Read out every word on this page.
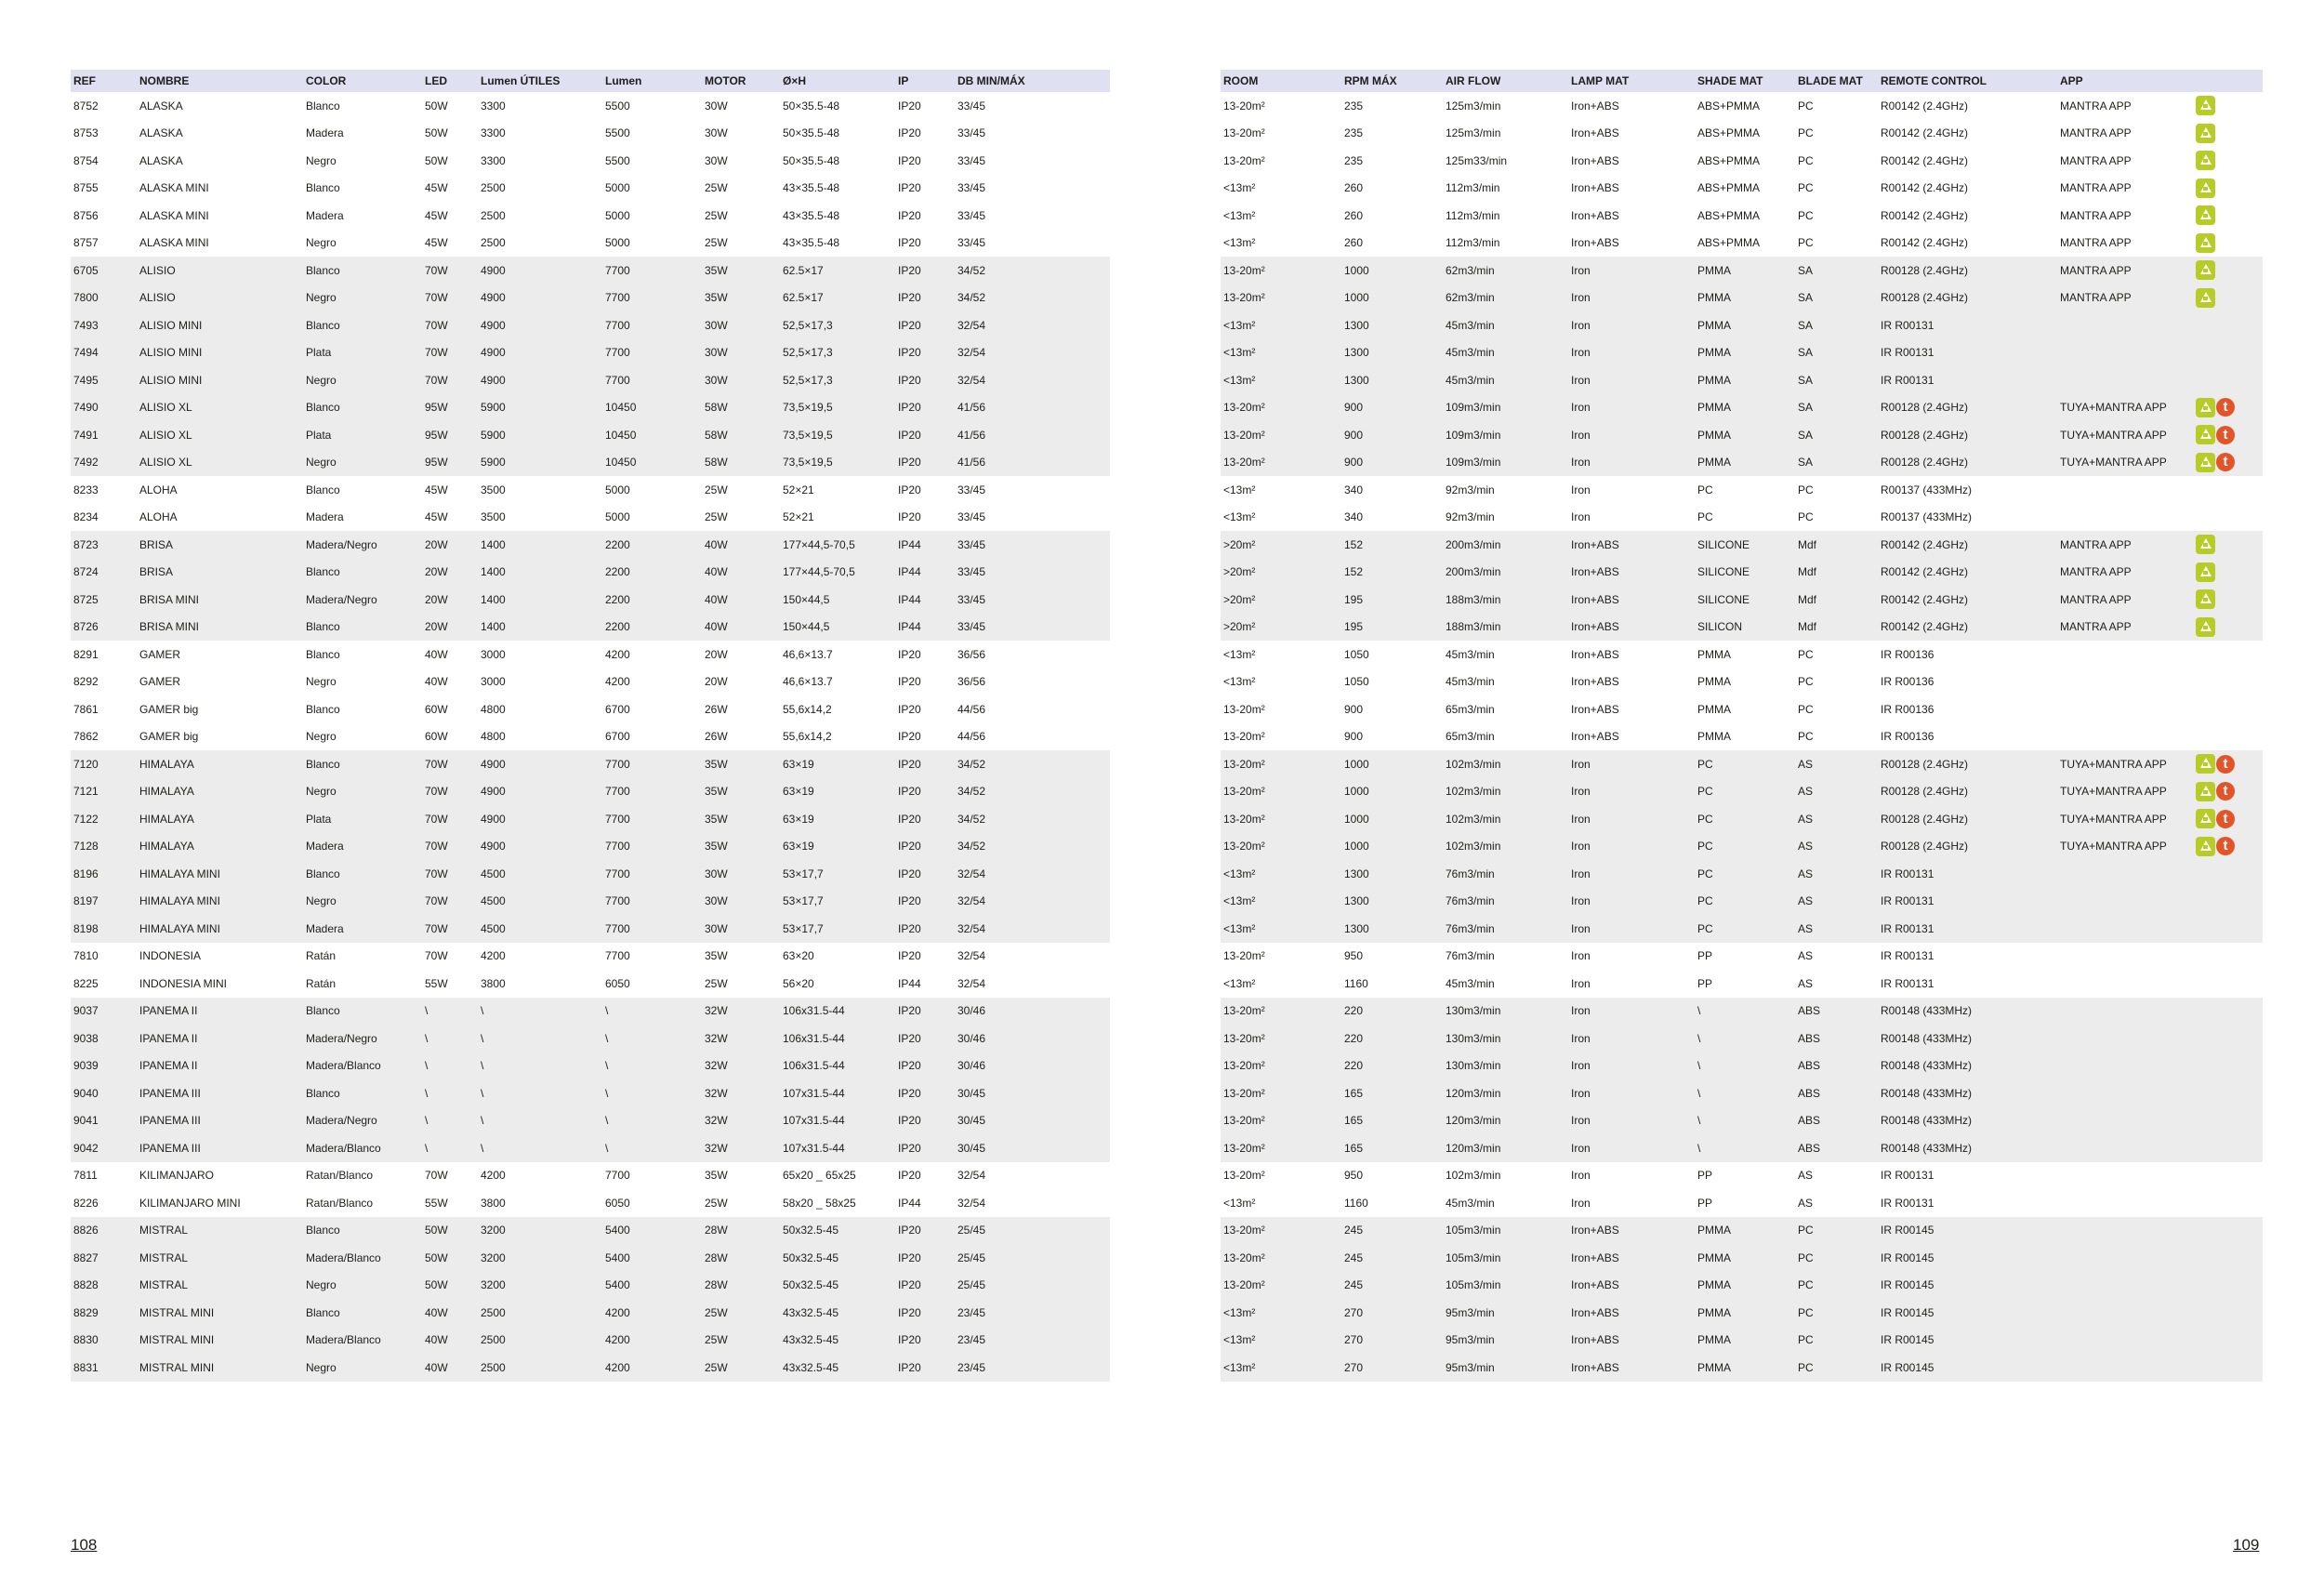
REF	NOMBRE	COLOR	LED	Lumen ÚTILES	Lumen	MOTOR	Ø×H	IP	DB MIN/MÁX
8752	ALASKA	Blanco	50W	3300	5500	30W	50×35.5-48	IP20	33/45
8753	ALASKA	Madera	50W	3300	5500	30W	50×35.5-48	IP20	33/45
8754	ALASKA	Negro	50W	3300	5500	30W	50×35.5-48	IP20	33/45
8755	ALASKA MINI	Blanco	45W	2500	5000	25W	43×35.5-48	IP20	33/45
8756	ALASKA MINI	Madera	45W	2500	5000	25W	43×35.5-48	IP20	33/45
8757	ALASKA MINI	Negro	45W	2500	5000	25W	43×35.5-48	IP20	33/45
6705	ALISIO	Blanco	70W	4900	7700	35W	62.5×17	IP20	34/52
7800	ALISIO	Negro	70W	4900	7700	35W	62.5×17	IP20	34/52
7493	ALISIO MINI	Blanco	70W	4900	7700	30W	52,5×17,3	IP20	32/54
7494	ALISIO MINI	Plata	70W	4900	7700	30W	52,5×17,3	IP20	32/54
7495	ALISIO MINI	Negro	70W	4900	7700	30W	52,5×17,3	IP20	32/54
7490	ALISIO XL	Blanco	95W	5900	10450	58W	73,5×19,5	IP20	41/56
7491	ALISIO XL	Plata	95W	5900	10450	58W	73,5×19,5	IP20	41/56
7492	ALISIO XL	Negro	95W	5900	10450	58W	73,5×19,5	IP20	41/56
8233	ALOHA	Blanco	45W	3500	5000	25W	52×21	IP20	33/45
8234	ALOHA	Madera	45W	3500	5000	25W	52×21	IP20	33/45
8723	BRISA	Madera/Negro	20W	1400	2200	40W	177×44,5-70,5	IP44	33/45
8724	BRISA	Blanco	20W	1400	2200	40W	177×44,5-70,5	IP44	33/45
8725	BRISA MINI	Madera/Negro	20W	1400	2200	40W	150×44,5	IP44	33/45
8726	BRISA MINI	Blanco	20W	1400	2200	40W	150×44,5	IP44	33/45
8291	GAMER	Blanco	40W	3000	4200	20W	46,6×13.7	IP20	36/56
8292	GAMER	Negro	40W	3000	4200	20W	46,6×13.7	IP20	36/56
7861	GAMER big	Blanco	60W	4800	6700	26W	55,6x14,2	IP20	44/56
7862	GAMER big	Negro	60W	4800	6700	26W	55,6x14,2	IP20	44/56
7120	HIMALAYA	Blanco	70W	4900	7700	35W	63×19	IP20	34/52
7121	HIMALAYA	Negro	70W	4900	7700	35W	63×19	IP20	34/52
7122	HIMALAYA	Plata	70W	4900	7700	35W	63×19	IP20	34/52
7128	HIMALAYA	Madera	70W	4900	7700	35W	63×19	IP20	34/52
8196	HIMALAYA MINI	Blanco	70W	4500	7700	30W	53×17,7	IP20	32/54
8197	HIMALAYA MINI	Negro	70W	4500	7700	30W	53×17,7	IP20	32/54
8198	HIMALAYA MINI	Madera	70W	4500	7700	30W	53×17,7	IP20	32/54
7810	INDONESIA	Ratán	70W	4200	7700	35W	63×20	IP20	32/54
8225	INDONESIA MINI	Ratán	55W	3800	6050	25W	56×20	IP44	32/54
9037	IPANEMA II	Blanco	\	\	\	32W	106x31.5-44	IP20	30/46
9038	IPANEMA II	Madera/Negro	\	\	\	32W	106x31.5-44	IP20	30/46
9039	IPANEMA II	Madera/Blanco	\	\	\	32W	106x31.5-44	IP20	30/46
9040	IPANEMA III	Blanco	\	\	\	32W	107x31.5-44	IP20	30/45
9041	IPANEMA III	Madera/Negro	\	\	\	32W	107x31.5-44	IP20	30/45
9042	IPANEMA III	Madera/Blanco	\	\	\	32W	107x31.5-44	IP20	30/45
7811	KILIMANJARO	Ratan/Blanco	70W	4200	7700	35W	65x20 _ 65x25	IP20	32/54
8226	KILIMANJARO MINI	Ratan/Blanco	55W	3800	6050	25W	58x20 _ 58x25	IP44	32/54
8826	MISTRAL	Blanco	50W	3200	5400	28W	50x32.5-45	IP20	25/45
8827	MISTRAL	Madera/Blanco	50W	3200	5400	28W	50x32.5-45	IP20	25/45
8828	MISTRAL	Negro	50W	3200	5400	28W	50x32.5-45	IP20	25/45
8829	MISTRAL MINI	Blanco	40W	2500	4200	25W	43x32.5-45	IP20	23/45
8830	MISTRAL MINI	Madera/Blanco	40W	2500	4200	25W	43x32.5-45	IP20	23/45
8831	MISTRAL MINI	Negro	40W	2500	4200	25W	43x32.5-45	IP20	23/45
ROOM	RPM MÁX	AIR FLOW	LAMP MAT	SHADE MAT	BLADE MAT	REMOTE CONTROL	APP	
13-20m²	235	125m3/min	Iron+ABS	ABS+PMMA	PC	R00142 (2.4GHz)	MANTRA APP	

13-20m²	235	125m3/min	Iron+ABS	ABS+PMMA	PC	R00142 (2.4GHz)	MANTRA APP	

13-20m²	235	125m33/min	Iron+ABS	ABS+PMMA	PC	R00142 (2.4GHz)	MANTRA APP	

<13m²	260	112m3/min	Iron+ABS	ABS+PMMA	PC	R00142 (2.4GHz)	MANTRA APP	

<13m²	260	112m3/min	Iron+ABS	ABS+PMMA	PC	R00142 (2.4GHz)	MANTRA APP	

<13m²	260	112m3/min	Iron+ABS	ABS+PMMA	PC	R00142 (2.4GHz)	MANTRA APP	

13-20m²	1000	62m3/min	Iron	PMMA	SA	R00128 (2.4GHz)	MANTRA APP	

13-20m²	1000	62m3/min	Iron	PMMA	SA	R00128 (2.4GHz)	MANTRA APP	

<13m²	1300	45m3/min	Iron	PMMA	SA	IR R00131		

<13m²	1300	45m3/min	Iron	PMMA	SA	IR R00131		

<13m²	1300	45m3/min	Iron	PMMA	SA	IR R00131		

13-20m²	900	109m3/min	Iron	PMMA	SA	R00128 (2.4GHz)	TUYA+MANTRA APP	
t

13-20m²	900	109m3/min	Iron	PMMA	SA	R00128 (2.4GHz)	TUYA+MANTRA APP	
t

13-20m²	900	109m3/min	Iron	PMMA	SA	R00128 (2.4GHz)	TUYA+MANTRA APP	
t

<13m²	340	92m3/min	Iron	PC	PC	R00137 (433MHz)		

<13m²	340	92m3/min	Iron	PC	PC	R00137 (433MHz)		

>20m²	152	200m3/min	Iron+ABS	SILICONE	Mdf	R00142 (2.4GHz)	MANTRA APP	

>20m²	152	200m3/min	Iron+ABS	SILICONE	Mdf	R00142 (2.4GHz)	MANTRA APP	

>20m²	195	188m3/min	Iron+ABS	SILICONE	Mdf	R00142 (2.4GHz)	MANTRA APP	

>20m²	195	188m3/min	Iron+ABS	SILICON	Mdf	R00142 (2.4GHz)	MANTRA APP	

<13m²	1050	45m3/min	Iron+ABS	PMMA	PC	IR R00136		

<13m²	1050	45m3/min	Iron+ABS	PMMA	PC	IR R00136		

13-20m²	900	65m3/min	Iron+ABS	PMMA	PC	IR R00136		

13-20m²	900	65m3/min	Iron+ABS	PMMA	PC	IR R00136		

13-20m²	1000	102m3/min	Iron	PC	AS	R00128 (2.4GHz)	TUYA+MANTRA APP	
t

13-20m²	1000	102m3/min	Iron	PC	AS	R00128 (2.4GHz)	TUYA+MANTRA APP	
t

13-20m²	1000	102m3/min	Iron	PC	AS	R00128 (2.4GHz)	TUYA+MANTRA APP	
t

13-20m²	1000	102m3/min	Iron	PC	AS	R00128 (2.4GHz)	TUYA+MANTRA APP	
t

<13m²	1300	76m3/min	Iron	PC	AS	IR R00131		

<13m²	1300	76m3/min	Iron	PC	AS	IR R00131		

<13m²	1300	76m3/min	Iron	PC	AS	IR R00131		

13-20m²	950	76m3/min	Iron	PP	AS	IR R00131		

<13m²	1160	45m3/min	Iron	PP	AS	IR R00131		

13-20m²	220	130m3/min	Iron	\	ABS	R00148 (433MHz)		

13-20m²	220	130m3/min	Iron	\	ABS	R00148 (433MHz)		

13-20m²	220	130m3/min	Iron	\	ABS	R00148 (433MHz)		

13-20m²	165	120m3/min	Iron	\	ABS	R00148 (433MHz)		

13-20m²	165	120m3/min	Iron	\	ABS	R00148 (433MHz)		

13-20m²	165	120m3/min	Iron	\	ABS	R00148 (433MHz)		

13-20m²	950	102m3/min	Iron	PP	AS	IR R00131		

<13m²	1160	45m3/min	Iron	PP	AS	IR R00131		

13-20m²	245	105m3/min	Iron+ABS	PMMA	PC	IR R00145		

13-20m²	245	105m3/min	Iron+ABS	PMMA	PC	IR R00145		

13-20m²	245	105m3/min	Iron+ABS	PMMA	PC	IR R00145		

<13m²	270	95m3/min	Iron+ABS	PMMA	PC	IR R00145		

<13m²	270	95m3/min	Iron+ABS	PMMA	PC	IR R00145		

<13m²	270	95m3/min	Iron+ABS	PMMA	PC	IR R00145		
108	109
